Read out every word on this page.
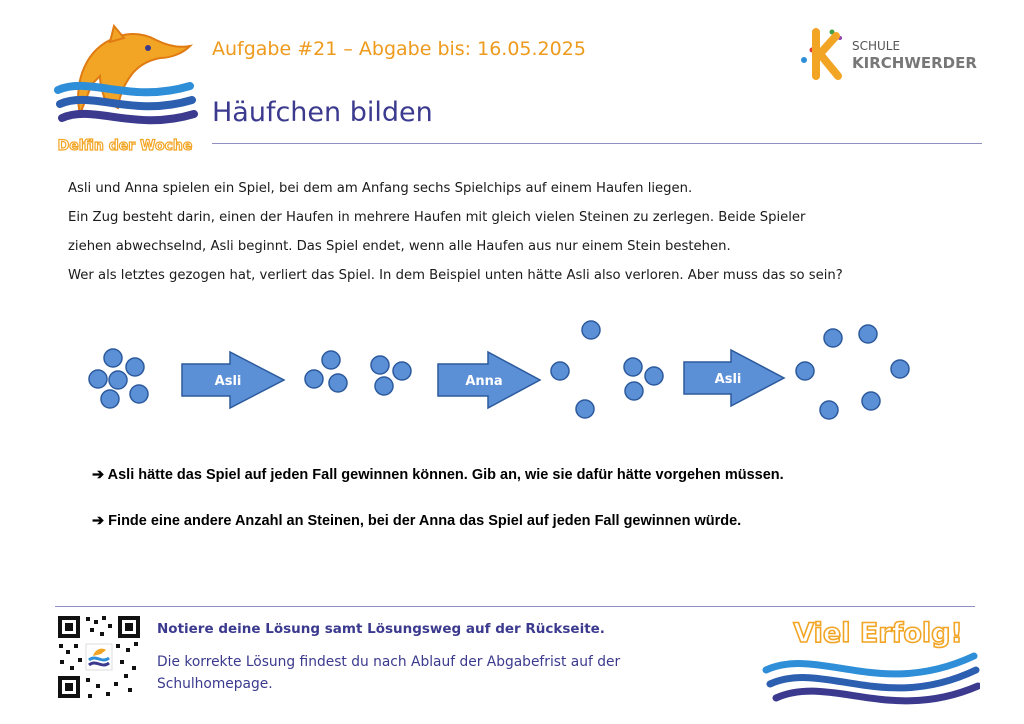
Delfin der Woche
Aufgabe #21 – Abgabe bis: 16.05.2025
Häufchen bilden
SCHULE
KIRCHWERDER
Asli und Anna spielen ein Spiel, bei dem am Anfang sechs Spielchips auf einem Haufen liegen.
Ein Zug besteht darin, einen der Haufen in mehrere Haufen mit gleich vielen Steinen zu zerlegen. Beide Spieler
ziehen abwechselnd, Asli beginnt. Das Spiel endet, wenn alle Haufen aus nur einem Stein bestehen.
Wer als letztes gezogen hat, verliert das Spiel. In dem Beispiel unten hätte Asli also verloren. Aber muss das so sein?
Asli	Anna	Asli
➔ Asli hätte das Spiel auf jeden Fall gewinnen können. Gib an, wie sie dafür hätte vorgehen müssen.
➔ Finde eine andere Anzahl an Steinen, bei der Anna das Spiel auf jeden Fall gewinnen würde.
Notiere deine Lösung samt Lösungsweg auf der Rückseite.
Die korrekte Lösung findest du nach Ablauf der Abgabefrist auf der Schulhomepage.
Viel Erfolg!
